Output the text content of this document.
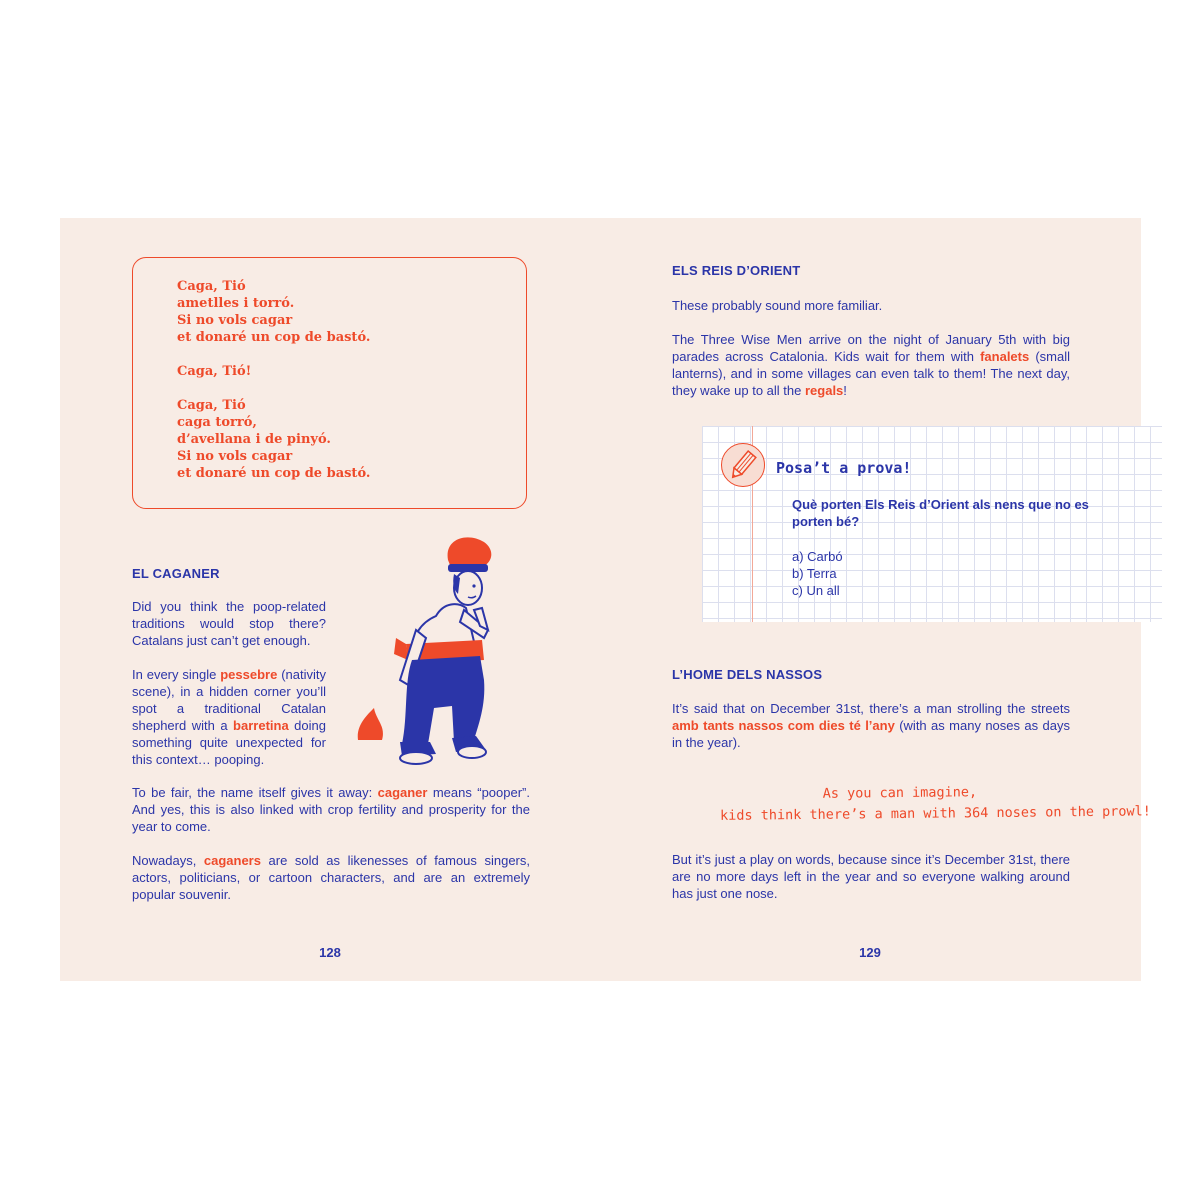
Caga, Tió
ametlles i torró.
Si no vols cagar
et donaré un cop de bastó.
Caga, Tió!
Caga, Tió
caga torró,
d’avellana i de pinyó.
Si no vols cagar
et donaré un cop de bastó.
EL CAGANER

Did you think the poop-related traditions would stop there? Catalans just can’t get enough.

In every single pessebre (nativity scene), in a hidden corner you’ll spot a traditional Catalan shepherd with a barretina doing something quite unexpected for this context… pooping.

To be fair, the name itself gives it away: caganer means “pooper”. And yes, this is also linked with crop fertility and prosperity for the year to come.

Nowadays, caganers are sold as likenesses of famous singers, actors, politicians, or cartoon characters, and are an extremely popular souvenir.

128
ELS REIS D’ORIENT

These probably sound more familiar.

The Three Wise Men arrive on the night of January 5th with big parades across Catalonia. Kids wait for them with fanalets (small lanterns), and in some villages can even talk to them! The next day, they wake up to all the regals!

Posa’t a prova!

Què porten Els Reis d’Orient als nens que no es porten bé?

a) Carbó
b) Terra
c) Un all
L’HOME DELS NASSOS

It’s said that on December 31st, there’s a man strolling the streets amb tants nassos com dies té l’any (with as many noses as days in the year).

As you can imagine,
kids think there’s a man with 364 noses on the prowl!

But it’s just a play on words, because since it’s December 31st, there are no more days left in the year and so everyone walking around has just one nose.

129
